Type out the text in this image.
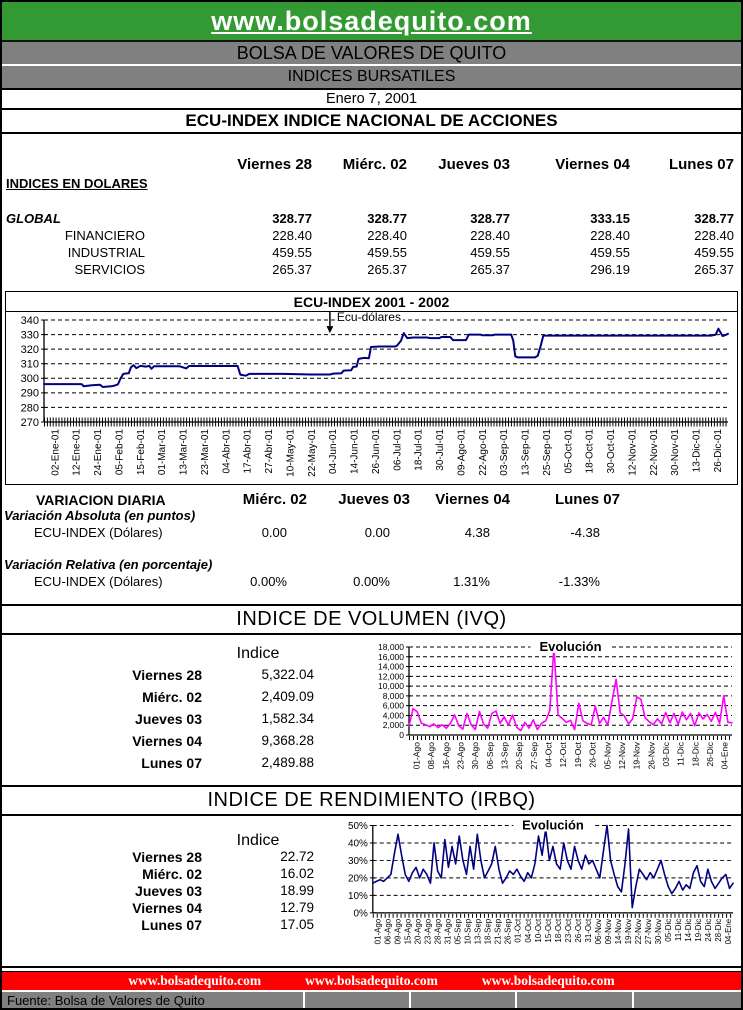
www.bolsadequito.com
BOLSA DE VALORES DE QUITO
INDICES BURSATILES
Enero 7, 2001
ECU-INDEX INDICE NACIONAL DE ACCIONES
Viernes 28	Miérc. 02	Jueves 03	Viernes 04	Lunes 07
INDICES EN DOLARES
GLOBAL	328.77	328.77	328.77	333.15	328.77
FINANCIERO	228.40	228.40	228.40	228.40	228.40
INDUSTRIAL	459.55	459.55	459.55	459.55	459.55
SERVICIOS	265.37	265.37	265.37	296.19	265.37
ECU-INDEX 2001 - 2002
340
330
320
310
300
290
280
270
02-Ene-01 12-Ene-01 24-Ene-01 05-Feb-01 15-Feb-01 01-Mar-01 13-Mar-01 23-Mar-01 04-Abr-01 17-Abr-01 27-Abr-01 10-May-01 22-May-01 04-Jun-01 14-Jun-01 26-Jun-01 06-Jul-01 18-Jul-01 30-Jul-01 09-Ago-01 22-Ago-01 03-Sep-01 13-Sep-01 25-Sep-01 05-Oct-01 18-Oct-01 30-Oct-01 12-Nov-01 22-Nov-01 30-Nov-01 13-Dic-01 26-Dic-01
Ecu-dólares
VARIACION DIARIA	Miérc. 02	Jueves 03	Viernes 04	Lunes 07
Variación Absoluta (en puntos)
ECU-INDEX (Dólares)	0.00	0.00	4.38	-4.38
Variación Relativa (en porcentaje)
ECU-INDEX (Dólares)	0.00%	0.00%	1.31%	-1.33%
INDICE DE VOLUMEN (IVQ)
Indice
Viernes 28	5,322.04
Miérc. 02	2,409.09
Jueves 03	1,582.34
Viernes 04	9,368.28
Lunes 07	2,489.88
18,000
16,000
14,000
12,000
10,000
8,000
6,000
4,000
2,000
0
01-Ago 08-Ago 16-Ago 23-Ago 30-Ago 06-Sep 13-Sep 20-Sep 27-Sep 04-Oct 12-Oct 19-Oct 26-Oct 05-Nov 12-Nov 19-Nov 26-Nov 03-Dic 11-Dic 18-Dic 26-Dic 04-Ene
Evolución
INDICE DE RENDIMIENTO (IRBQ)
Indice
Viernes 28	22.72
Miérc. 02	16.02
Jueves 03	18.99
Viernes 04	12.79
Lunes 07	17.05
50%
40%
30%
20%
10%
0%
01-Ago 06-Ago 09-Ago 15-Ago 20-Ago 23-Ago 28-Ago 31-Ago 05-Sep 10-Sep 13-Sep 18-Sep 21-Sep 26-Sep 01-Oct 04-Oct 10-Oct 15-Oct 18-Oct 23-Oct 26-Oct 31-Oct 06-Nov 09-Nov 14-Nov 19-Nov 22-Nov 27-Nov 30-Nov 05-Dic 11-Dic 14-Dic 19-Dic 24-Dic 28-Dic 04-Ene
Evolución
www.bolsadequito.com	www.bolsadequito.com	www.bolsadequito.com
Fuente: Bolsa de Valores de Quito
